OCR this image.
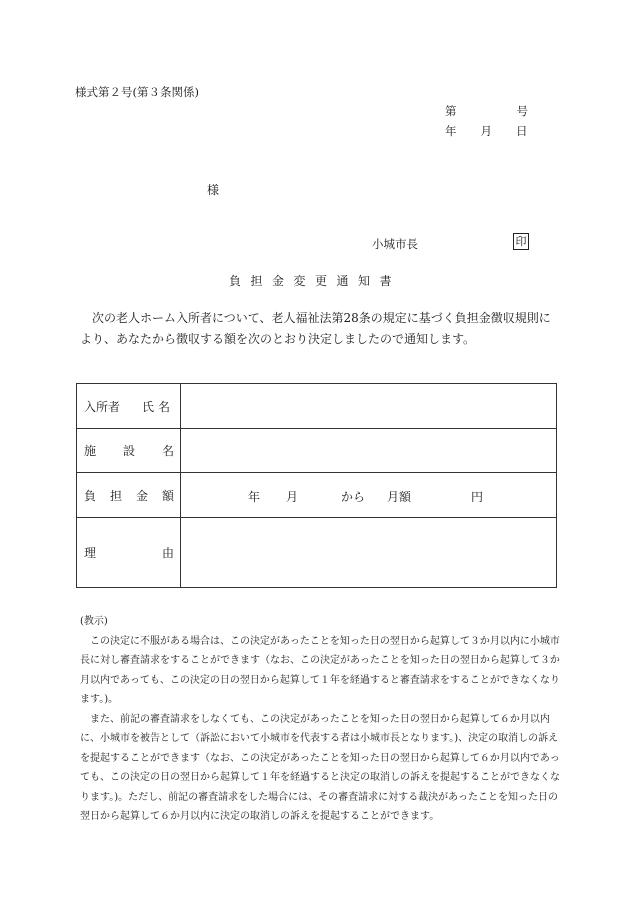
様式第２号(第３条関係)
第	号
年 月 日
様
小城市長	印
負担金変更通知書
次の老人ホーム入所者について、老人福祉法第28条の規定に基づく負担金徴収規則により、あなたから徴収する額を次のとおり決定しましたので通知します。
入所者 氏名	

施 設 名	

負 担 金 額	年 月 から 月額 円

理 由	

(教示)

この決定に不服がある場合は、この決定があったことを知った日の翌日から起算して３か月以内に小城市長に対し審査請求をすることができます（なお、この決定があったことを知った日の翌日から起算して３か月以内であっても、この決定の日の翌日から起算して１年を経過すると審査請求をすることができなくなります。)。

また、前記の審査請求をしなくても、この決定があったことを知った日の翌日から起算して６か月以内に、小城市を被告として（訴訟において小城市を代表する者は小城市長となります。)、決定の取消しの訴えを提起することができます（なお、この決定があったことを知った日の翌日から起算して６か月以内であっても、この決定の日の翌日から起算して１年を経過すると決定の取消しの訴えを提起することができなくなります。)。ただし、前記の審査請求をした場合には、その審査請求に対する裁決があったことを知った日の翌日から起算して６か月以内に決定の取消しの訴えを提起することができます。
